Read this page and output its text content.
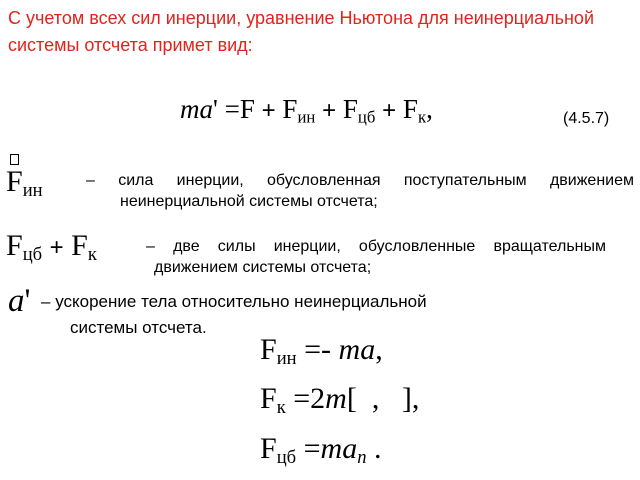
С учетом всех сил инерции, уравнение Ньютона для неинерциальной системы отсчета примет вид:
$ma' =F + F_{ин} + F_{цб} + F_к$,	(4.5.7)
$F_{ин}$	– сила инерции, обусловленная поступательным движением
неинерциальной системы отсчета;
$F_{цб} + F_к$	– две силы инерции, обусловленные вращательным
движением системы отсчета;
a' – ускорение тела относительно неинерциальной
системы отсчета.
$F_{ин}$ =- ma,
$F_к =2m$[ , ],
$F_{цб} =ma_n$ .
